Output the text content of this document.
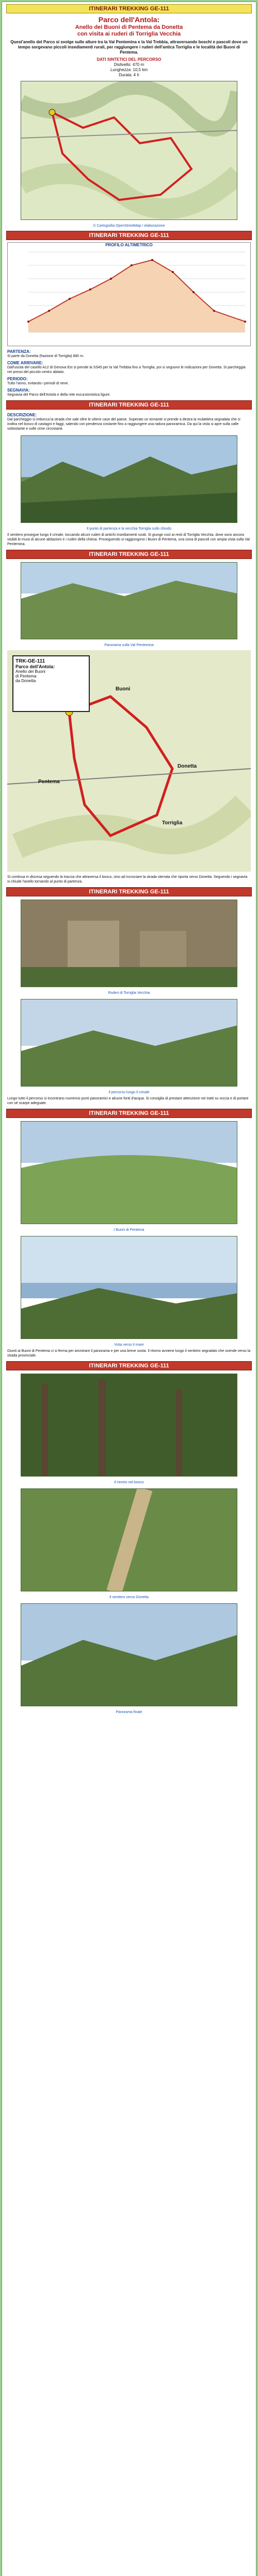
ITINERARI TREKKING GE-111
Parco dell'Antola:
Anello dei Buoni di Pentema da Donetta
con visita ai ruderi di Torriglia Vecchia
Quest'anello del Parco si svolge sulle alture tra la Val Pentemina e la Val Trebbia, attraversando boschi e pascoli dove un tempo sorgevano piccoli insediamenti rurali, per raggiungere i ruderi dell'antica Torriglia e le località dei Buoni di Pentema.
DATI SINTETICI DEL PERCORSO
Dislivello: 470 m
Lunghezza: 10,5 km
Durata: 4 h
© Cartografia OpenStreetMap / elaborazione
ITINERARI TREKKING GE-111
PROFILO ALTIMETRICO
PARTENZA:
Si parte da Donetta (frazione di Torriglia) 880 m.
COME ARRIVARE:
Dall'uscita del casello A12 di Genova Est si prende la SS45 per la Val Trebbia fino a Torriglia, poi si seguono le indicazioni per Donetta. Si parcheggia nei pressi del piccolo centro abitato.
PERIODO:
Tutto l'anno, evitando i periodi di neve.
SEGNAVIA:
Segnavia del Parco dell'Antola e della rete escursionistica ligure.
ITINERARI TREKKING GE-111
DESCRIZIONE:
Dal parcheggio si imbocca la strada che sale oltre le ultime case del paese. Superato un tornante si prende a destra la mulattiera segnalata che si inoltra nel bosco di castagni e faggi, salendo con pendenza costante fino a raggiungere una radura panoramica. Da qui la vista si apre sulla valle sottostante e sulle cime circostanti.
Il punto di partenza e la vecchia Torriglia sullo sfondo
Il sentiero prosegue lungo il crinale, toccando alcuni ruderi di antichi insediamenti rurali. Si giunge così ai resti di Torriglia Vecchia, dove sono ancora visibili le mura di alcune abitazioni e i ruderi della chiesa. Proseguendo si raggiungono i Buoni di Pentema, una zona di pascoli con ampia vista sulla Val Pentemina.
ITINERARI TREKKING GE-111
Panorama sulla Val Pentemina
TRK-GE-111
Parco dell'Antola:
Anello dei Buoni
di Pentema
da Donetta
Buoni
Donetta
Torriglia
Pentema
Si continua in discesa seguendo la traccia che attraversa il bosco, sino ad incrociare la strada sterrata che riporta verso Donetta. Seguendo i segnavia si chiude l'anello tornando al punto di partenza.
ITINERARI TREKKING GE-111
Ruderi di Torriglia Vecchia
Il percorso lungo il crinale
Lungo tutto il percorso si incontrano numerosi punti panoramici e alcune fonti d'acqua. Si consiglia di prestare attenzione nei tratti su roccia e di portare con sé scarpe adeguate.
ITINERARI TREKKING GE-111
I Buoni di Pentema
Vista verso il mare
Giunti ai Buoni di Pentema ci si ferma per ammirare il panorama e per una breve sosta. Il ritorno avviene lungo il sentiero segnalato che scende verso la strada provinciale.
ITINERARI TREKKING GE-111
Il rientro nel bosco
Il sentiero verso Donetta
Panorama finale
